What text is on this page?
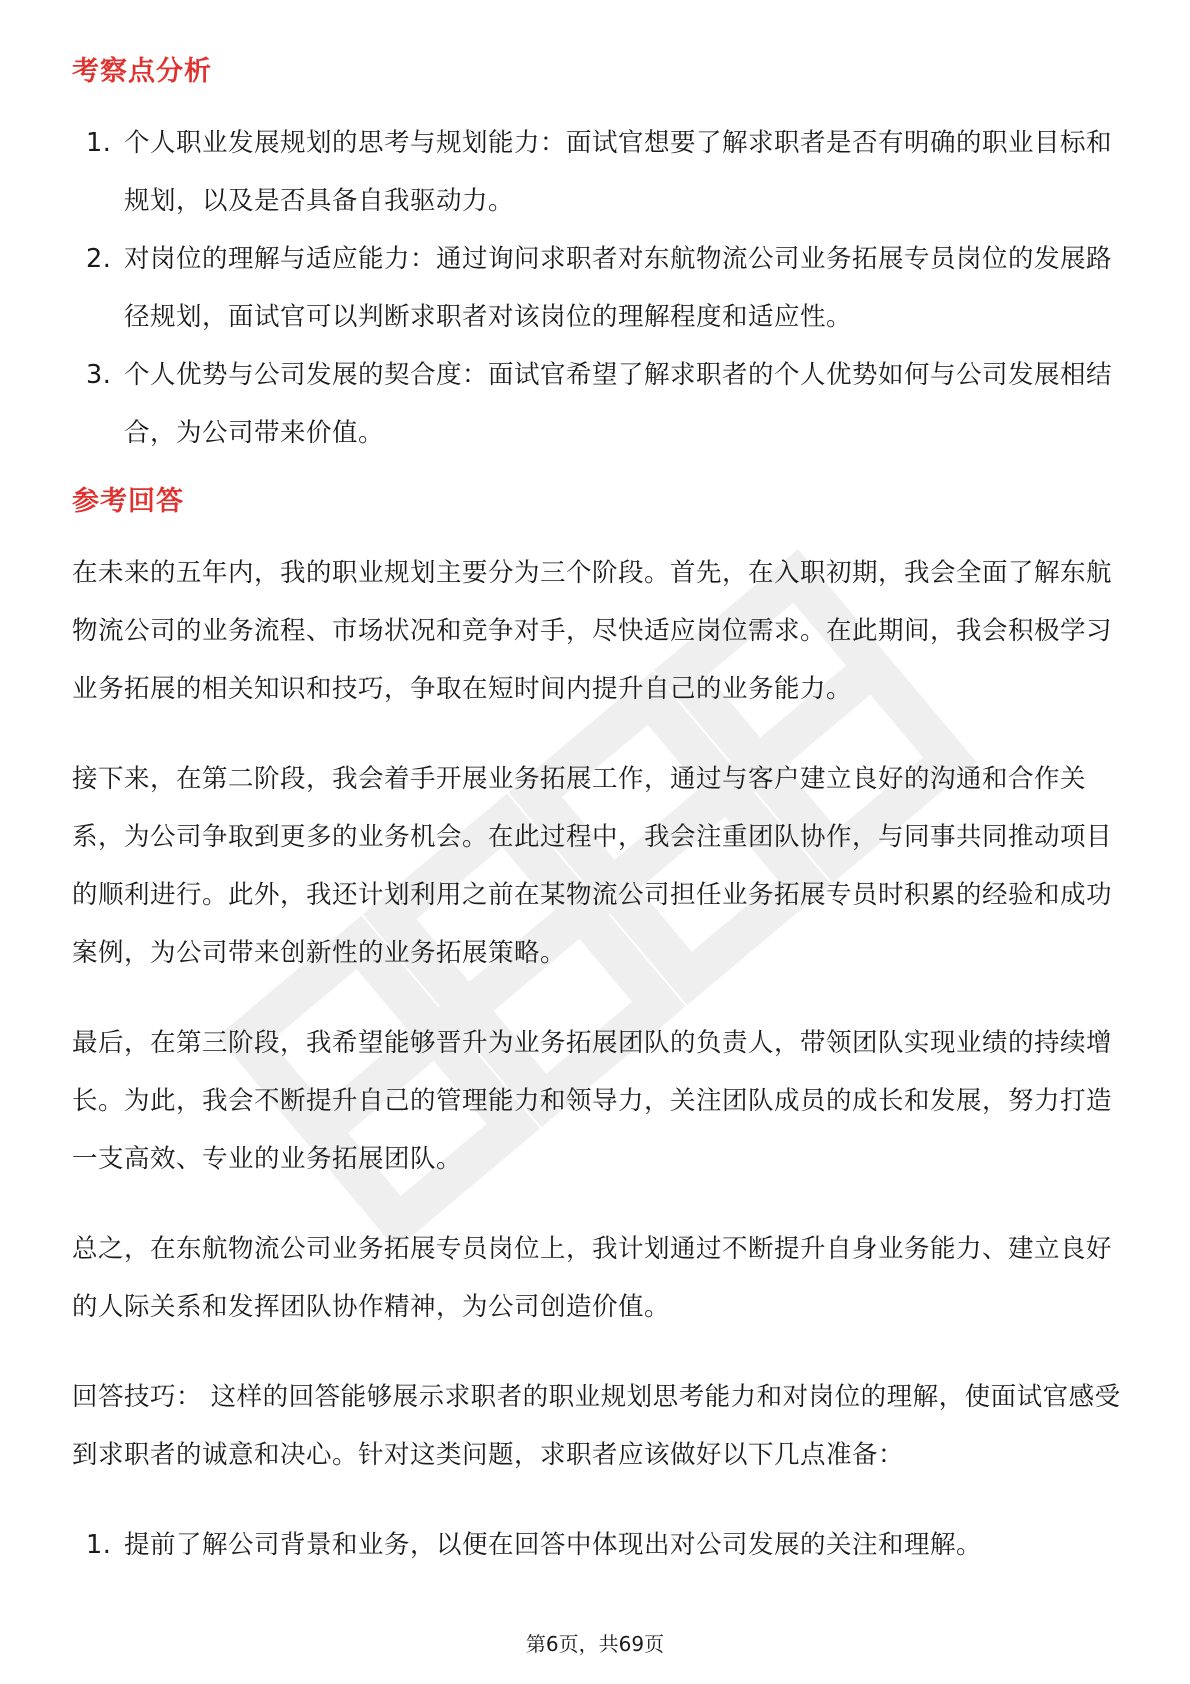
考察点分析
1. 个人职业发展规划的思考与规划能力：面试官想要了解求职者是否有明确的职业目标和规划，以及是否具备自我驱动力。
2. 对岗位的理解与适应能力：通过询问求职者对东航物流公司业务拓展专员岗位的发展路径规划，面试官可以判断求职者对该岗位的理解程度和适应性。
3. 个人优势与公司发展的契合度：面试官希望了解求职者的个人优势如何与公司发展相结合，为公司带来价值。
参考回答

在未来的五年内，我的职业规划主要分为三个阶段。首先，在入职初期，我会全面了解东航物流公司的业务流程、市场状况和竞争对手，尽快适应岗位需求。在此期间，我会积极学习业务拓展的相关知识和技巧，争取在短时间内提升自己的业务能力。

接下来，在第二阶段，我会着手开展业务拓展工作，通过与客户建立良好的沟通和合作关系，为公司争取到更多的业务机会。在此过程中，我会注重团队协作，与同事共同推动项目的顺利进行。此外，我还计划利用之前在某物流公司担任业务拓展专员时积累的经验和成功案例，为公司带来创新性的业务拓展策略。

最后，在第三阶段，我希望能够晋升为业务拓展团队的负责人，带领团队实现业绩的持续增长。为此，我会不断提升自己的管理能力和领导力，关注团队成员的成长和发展，努力打造一支高效、专业的业务拓展团队。

总之，在东航物流公司业务拓展专员岗位上，我计划通过不断提升自身业务能力、建立良好的人际关系和发挥团队协作精神，为公司创造价值。

回答技巧： 这样的回答能够展示求职者的职业规划思考能力和对岗位的理解，使面试官感受到求职者的诚意和决心。针对这类问题，求职者应该做好以下几点准备：

1. 提前了解公司背景和业务，以便在回答中体现出对公司发展的关注和理解。
第6页，共69页
